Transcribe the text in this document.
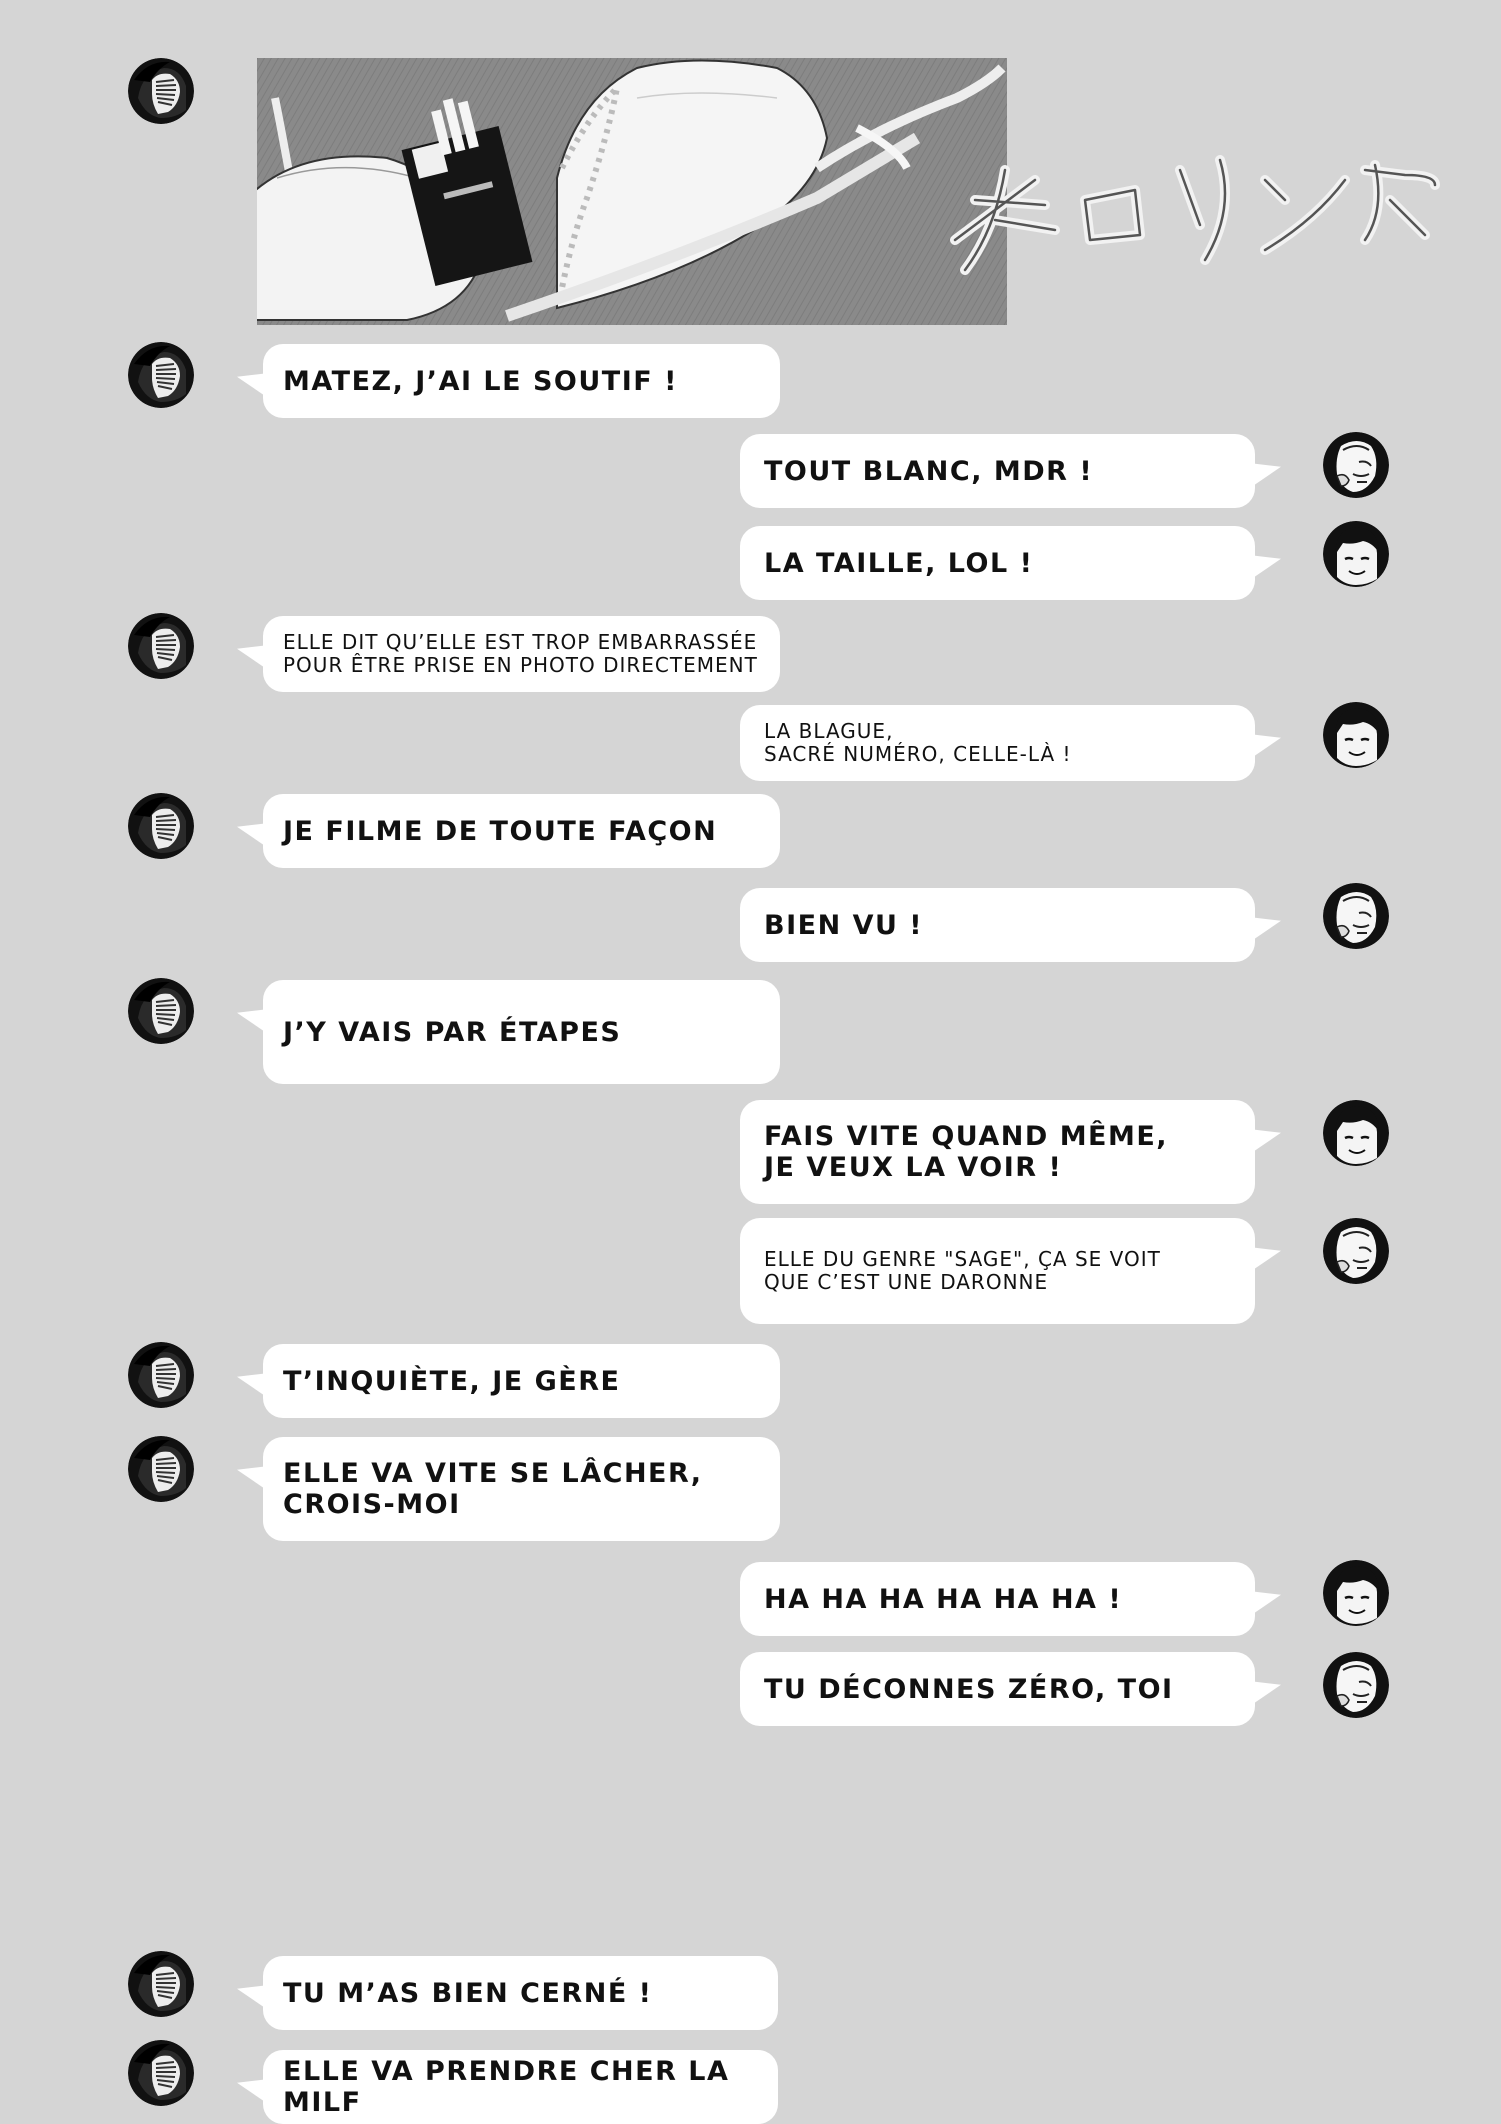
チロリンッ
MATEZ, J’AI LE SOUTIF !
TOUT BLANC, MDR !
LA TAILLE, LOL !
ELLE DIT QU’ELLE EST TROP EMBARRASSÉE
POUR ÊTRE PRISE EN PHOTO DIRECTEMENT
LA BLAGUE,
SACRÉ NUMÉRO, CELLE-LÀ !
JE FILME DE TOUTE FAÇON
BIEN VU !
J’Y VAIS PAR ÉTAPES
FAIS VITE QUAND MÊME,
JE VEUX LA VOIR !
ELLE DU GENRE "SAGE", ÇA SE VOIT
QUE C’EST UNE DARONNE
T’INQUIÈTE, JE GÈRE
ELLE VA VITE SE LÂCHER,
CROIS-MOI
HA HA HA HA HA HA !
TU DÉCONNES ZÉRO, TOI
TU M’AS BIEN CERNÉ !
ELLE VA PRENDRE CHER LA MILF
